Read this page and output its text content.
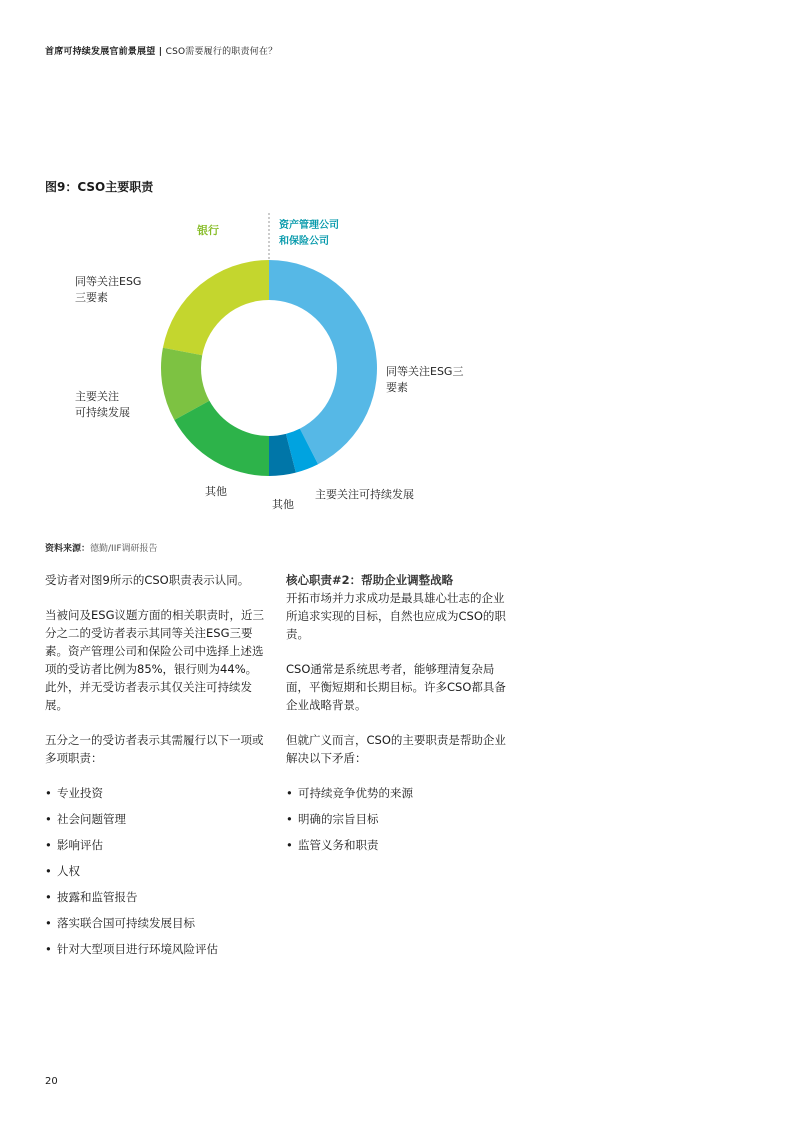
首席可持续发展官前景展望 | CSO需要履行的职责何在？
图9：CSO主要职责
银行	资产管理公司
和保险公司
同等关注ESG
三要素
主要关注
可持续发展
其他
同等关注ESG三
要素
主要关注可持续发展
其他
资料来源：德勤/IIF调研报告

受访者对图9所示的CSO职责表示认同。

当被问及ESG议题方面的相关职责时，近三分之二的受访者表示其同等关注ESG三要素。资产管理公司和保险公司中选择上述选项的受访者比例为85%，银行则为44%。此外，并无受访者表示其仅关注可持续发展。

五分之一的受访者表示其需履行以下一项或多项职责：

• 专业投资
• 社会问题管理
• 影响评估
• 人权
• 披露和监管报告
• 落实联合国可持续发展目标
• 针对大型项目进行环境风险评估
核心职责#2：帮助企业调整战略

开拓市场并力求成功是最具雄心壮志的企业所追求实现的目标，自然也应成为CSO的职责。

CSO通常是系统思考者，能够理清复杂局面，平衡短期和长期目标。许多CSO都具备企业战略背景。

但就广义而言，CSO的主要职责是帮助企业解决以下矛盾：

• 可持续竞争优势的来源
• 明确的宗旨目标
• 监管义务和职责
20
